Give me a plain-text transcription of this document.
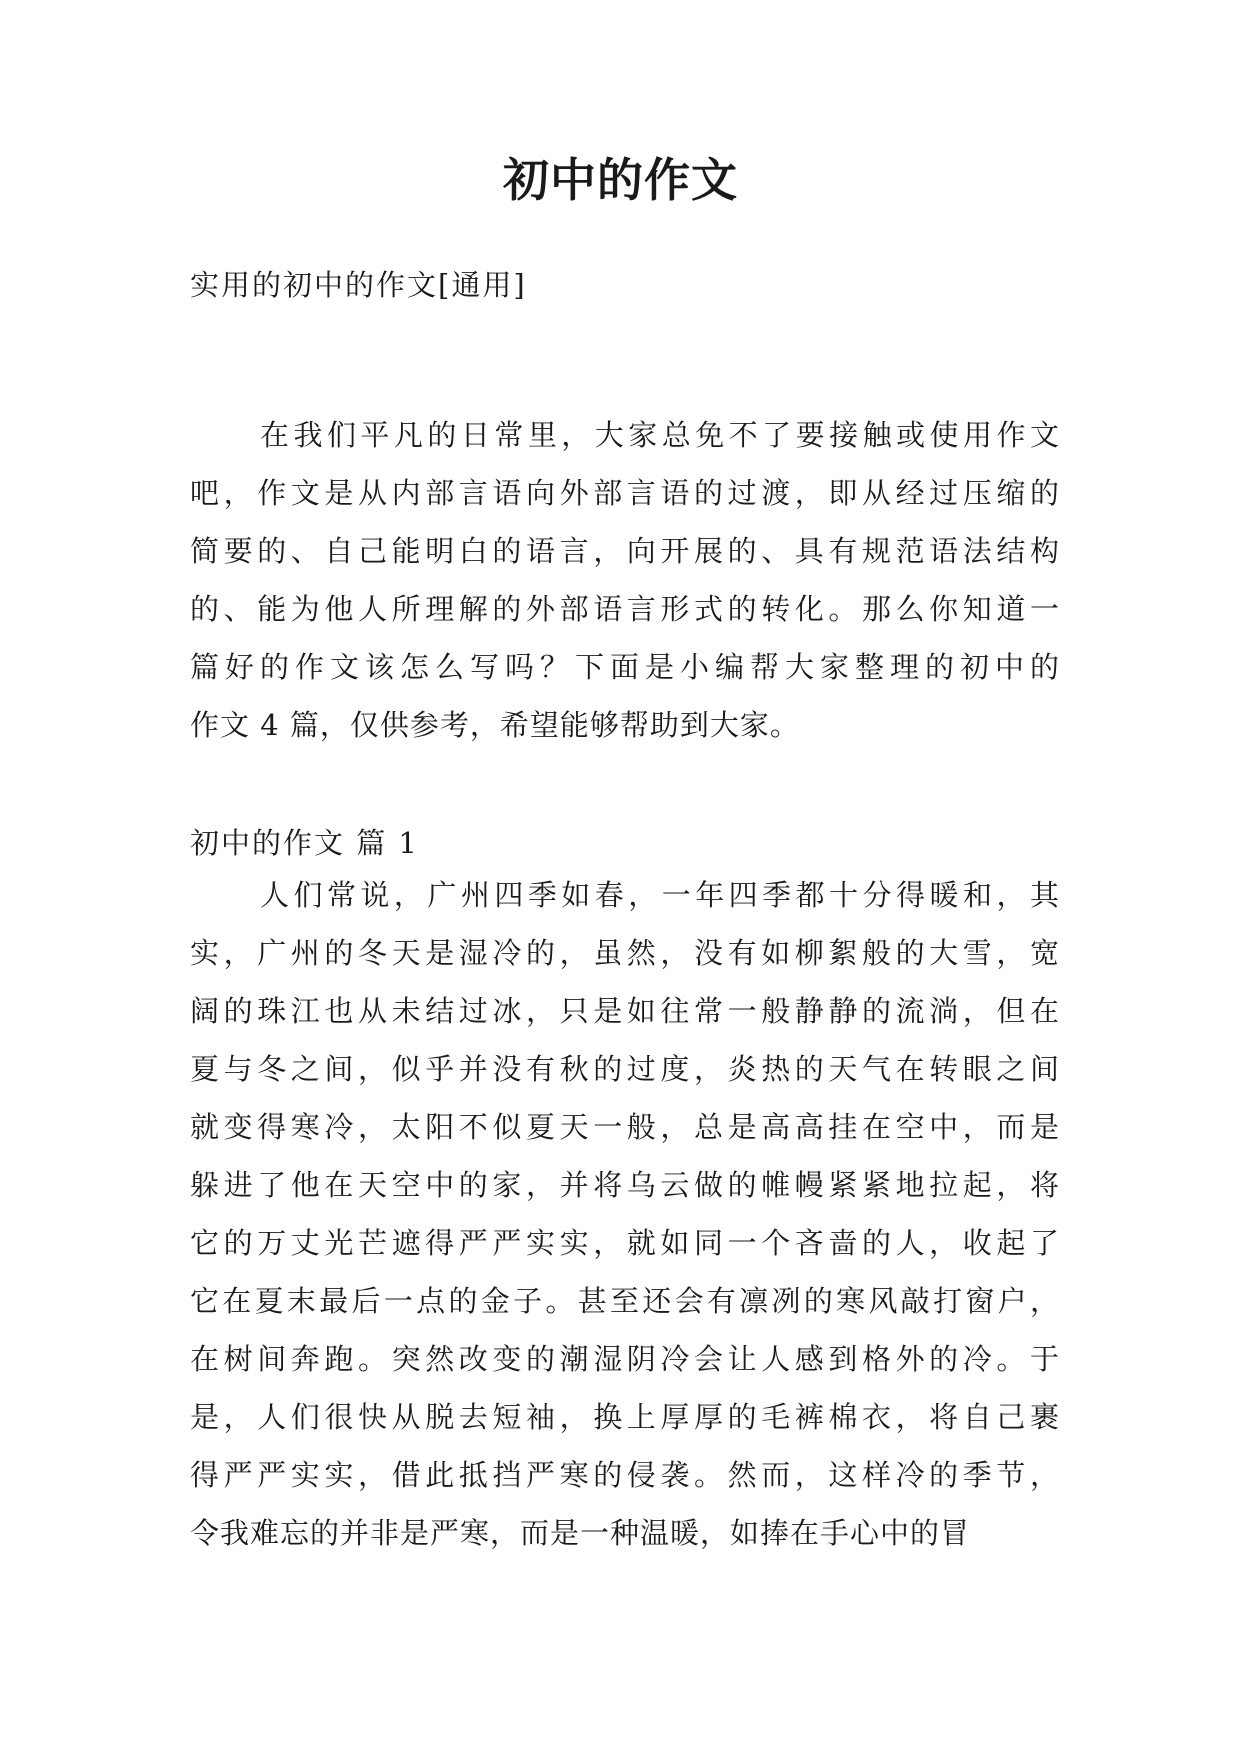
初中的作文
实用的初中的作文[通用]
在我们平凡的日常里，大家总免不了要接触或使用作文
吧，作文是从内部言语向外部言语的过渡，即从经过压缩的
简要的、自己能明白的语言，向开展的、具有规范语法结构
的、能为他人所理解的外部语言形式的转化。那么你知道一
篇好的作文该怎么写吗？下面是小编帮大家整理的初中的
作文 4 篇，仅供参考，希望能够帮助到大家。
初中的作文 篇 1
人们常说，广州四季如春，一年四季都十分得暖和，其
实，广州的冬天是湿冷的，虽然，没有如柳絮般的大雪，宽
阔的珠江也从未结过冰，只是如往常一般静静的流淌，但在
夏与冬之间，似乎并没有秋的过度，炎热的天气在转眼之间
就变得寒冷，太阳不似夏天一般，总是高高挂在空中，而是
躲进了他在天空中的家，并将乌云做的帷幔紧紧地拉起，将
它的万丈光芒遮得严严实实，就如同一个吝啬的人，收起了
它在夏末最后一点的金子。甚至还会有凛冽的寒风敲打窗户，
在树间奔跑。突然改变的潮湿阴冷会让人感到格外的冷。于
是，人们很快从脱去短袖，换上厚厚的毛裤棉衣，将自己裹
得严严实实，借此抵挡严寒的侵袭。然而，这样冷的季节，
令我难忘的并非是严寒，而是一种温暖，如捧在手心中的冒
